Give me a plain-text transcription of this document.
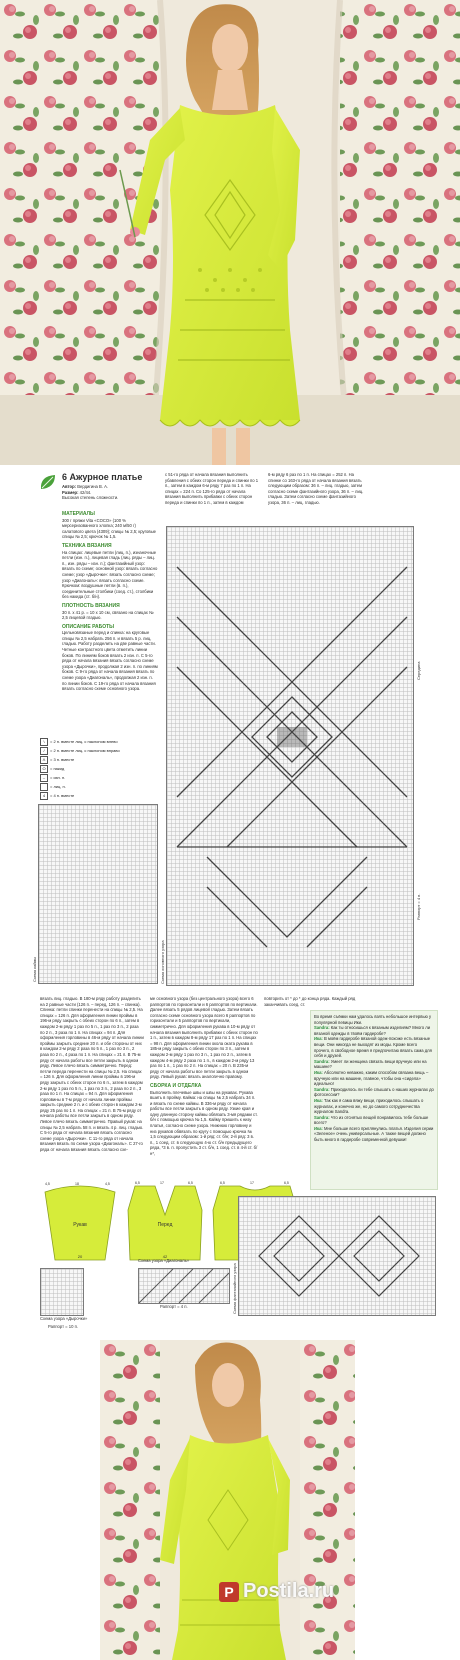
6 Ажурное платье
Автор: Вердигина В. А.
Размер: 42/44.
Высокая степень сложности.
МАТЕРИАЛЫ
300 г пряжи Vita «COCO» (100 % мерсеризованного хлопка; 240 м/50 г) салатового цвета (4309); спицы № 2,5; круговые спицы № 2,5; крючок № 1,5.
ТЕХНИКА ВЯЗАНИЯ
На спицах: лицевые петли (лиц. п.), изнаночные петли (изн. п.), лицевая гладь (лиц. ряды – лиц. п., изн. ряды – изн. п.); фантазийный узор: вязать по схеме; основной узор: вязать согласно схеме; узор «Дырочки»: вязать согласно схеме; узор «Диагональ»: вязать согласно схеме. Крючком: воздушные петли (в. п.), соединительные столбики (соед. ст.), столбики без накида (ст. б/н).
ПЛОТНОСТЬ ВЯЗАНИЯ
30 п. х 41 р. = 10 х 10 см, связано на спицах № 2,5 лицевой гладью.
ОПИСАНИЕ РАБОТЫ
Цельновязаные перед и спинка: на круговые спицы № 2,5 набрать 256 п. и вязать 5 р. лиц. гладью. Работу разделить на две равные части. Четные контрастного цвета отметить линии боков. По линиям боков вязать 2 изн. п. С 5-го ряда от начала вязания вязать согласно схеме узора «Дырочки», продолжая 2 изн. п. по линиям боков. С 9-го ряда от начала вязания вязать по схеме узора «Диагональ», продолжая 2 изн. п. по линии боков. С 19-го ряда от начала вязания вязать согласно схеме основного узора.
с 51-го ряда от начала вязания выполнить убавления с обеих сторон переда и спинки по 1 п., затем в каждом 6-м ряду 7 раз по 1 п. На спицах = 224 п. Со 125-го ряда от начала вязания выполнить прибавки с обеих сторон переда и спинки по 1 п., затем в каждом
6-м ряду 6 раз по 1 п. На спицах = 252 п. На спинке со 163-го ряда от начала вязания вязать следующим образом: 36 п. – лиц. гладью, затем согласно схеме фантазийного узора, 36 п. – лиц. гладью. Затем согласно схеме фантазийного узора, 36 п. – лиц. гладью.
\	= 2 п. вместе лиц. с наклоном влево
/	= 2 п. вместе лиц. с наклоном вправо
Λ	= 3 п. вместе
O	= накид
–	= изн. п.
= лиц. п.
4	= 4 п. вместе
Схема каймы	Схема основного узора
Середина
Раппорт = 4 п.
вязать лиц. гладью. В 180-м ряду работу разделить на 2 равные части (126 п. – перед, 126 п. – спинка). Спинка: петли спинки перенести на спицы № 2,5. На спицах = 126 п. Для оформления линии проймы в 196-м ряду закрыть с обеих сторон по 6 п., затем в каждом 2-м ряду 1 раз по 5 п., 1 раз по 3 п., 2 раза по 2 п., 3 раза по 1 п. На спицах = 94 п. Для оформления горловины в 46-м ряду от начала линии проймы закрыть средние 20 п. и обе стороны от них в каждом 2-м ряду 2 раза по 5 п., 1 раз по 3 п., 2 раза по 2 п., 4 раза по 1 п. На спицах = 21 п. В 75-м ряду от начала работы все петли закрыть в одном ряду. Левое плечо вязать симметрично. Перед: петли переда перенести на спицы № 2,5. На спицах = 126 п. Для оформления линии проймы в 196-м ряду закрыть с обеих сторон по 6 п., затем в каждом 2-м ряду 1 раз по 5 п., 1 раз по 3 п., 2 раза по 2 п., 3 раза по 1 п. На спицах = 94 п. Для оформления горловины в 7-м ряду от начала линии проймы закрыть средние 2 п. и с обеих сторон в каждом 2-м ряду 25 раз по 1 п. На спицах = 21 п. В 75-м ряду от начала работы все петли закрыть в одном ряду. Левое плечо вязать симметрично. Правый рукав: на спицы № 2,5 набрать 58 п. и вязать 4 р. лиц. гладью. С 5-го ряда от начала вязания вязать согласно схеме узора «Дырочки». С 11-го ряда от начала вязания вязать по схеме узора «Диагональ». С 27-го ряда от начала вязания вязать согласно схе-
ме основного узора (без центрального узора) всего 6 раппортов по горизонтали и 6 раппортов по вертикали. Далее вязать 5 рядов лицевой гладью. Затем вязать согласно схеме основного узора всего 6 раппортов по горизонтали и 5 раппортов по вертикали, симметрично. Для оформления рукава в 10-м ряду от начала вязания выполнить прибавки с обеих сторон по 1 п., затем в каждом 8-м ряду 17 раз по 1 п. На спицах = 98 п. Для оформления линии окола оката рукава в 185-м ряду закрыть с обеих сторон по 3 п., затем в каждом 2-м ряду 1 раз по 3 п., 1 раз по 2 п., затем в каждом 4-м ряду 2 раза по 1 п., в каждом 2-м ряду 13 раз по 1 п., 1 раз по 2 п. На спицах = 20 п. В 235-м ряду от начала работы все петли закрыть в одном ряду. Левый рукав: вязать аналогично правому.
СБОРКА И ОТДЕЛКА
Выполнить плечевые швы и швы на рукавах. Рукава вшить в пройму. Кайма: на спицы № 2,5 набрать 34 п. и вязать по схеме каймы. В 336-м ряду от начала работы все петли закрыть в одном ряду. Узкие края и одну длинную сторону каймы обвязать 3-мя рядами ст. б/н с помощью крючка № 1,5. Кайму пришить к низу платья, согласно схеме узора. Нижнюю горловину и низ рукавов обвязать по кругу с помощью крючка № 1,5 следующим образом: 1-й ряд: ст. б/н; 2-й ряд: 3 в. п., 1 соед. ст. в следующую 4-ю ст. б/н предыдущего ряда, *3 в. п. пропустить 3 ст. б/н, 1 соед. ст. в 4-й ст. б/н*,
повторить от * до * до конца ряда. Каждый ряд заканчивать соед. ст.
Во время съёмки нам удалось взять небольшое интервью у популярной певицы Ики.
Sandra: Как ты относишься к вязаным изделиям? Много ли вязаной одежды в твоём гардеробе?
Ика: В моём гардеробе вязаной одеж-похоже есть вязаные вещи. Они никогда не выходят из моды. Кроме всего прочего, в свободное время я предпочитаю вязать сама для себя и друзей.
Sandra: Умеет ли женщина связать вещи вручную или на машине?
Ика: Абсолютно неважно, каким способом связана вещь – вручную или на машине, главное, чтобы она «сидела» идеально!
Sandra: Приходилось ли тебе слышать о наших журналах до фотосессии?
Ика: Так как я сама вяжу вещи, приходилось слышать о журналах, и конечно же, но до самого сотрудничества журналом Sandra.
Sandra: Что из отснятых вещей понравилось тебе больше всего?
Ика: Мне больше всего приглянулись платья. Изделия серии «Зеленое» очень универсальные. А также вещей должно быть много в гардеробе современной девушки!
Рукав	Перед
20	42
4,5	18	4,5	6,5	17	6,5	6,5	17	6,5
Схема узора «Дырочки»
Раппорт = 10 п.
Схема узора «Диагональ»
Раппорт = 4 п.	Схема фантазийного узора
P Postila.ru
